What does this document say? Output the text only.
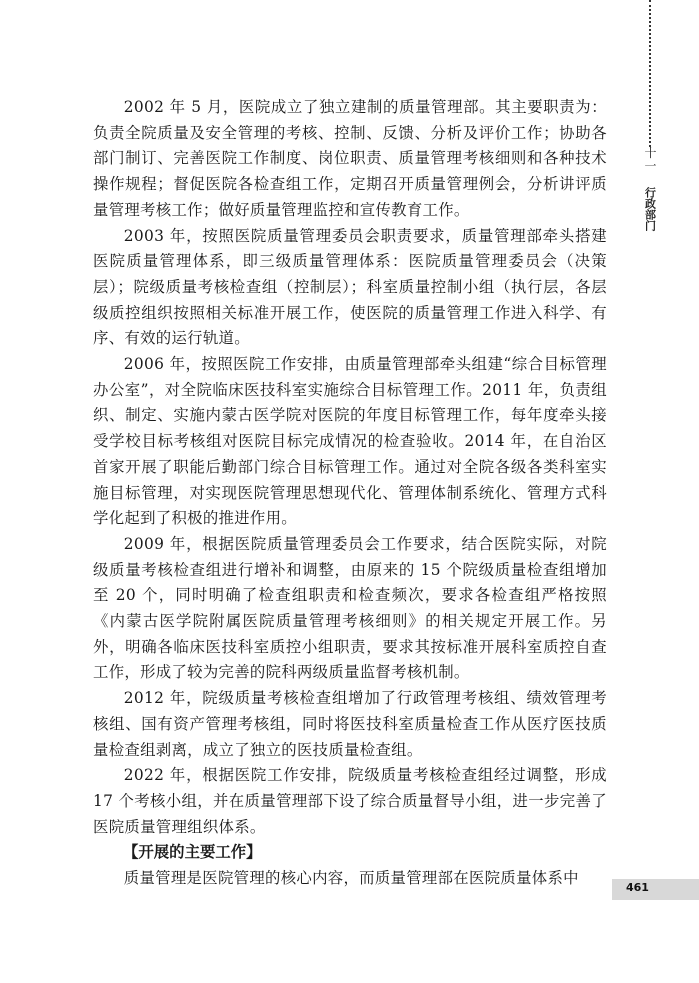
十一
行政部门

2002 年 5 月，医院成立了独立建制的质量管理部。其主要职责为：负责全院质量及安全管理的考核、控制、反馈、分析及评价工作；协助各部门制订、完善医院工作制度、岗位职责、质量管理考核细则和各种技术操作规程；督促医院各检查组工作，定期召开质量管理例会，分析讲评质量管理考核工作；做好质量管理监控和宣传教育工作。

2003 年，按照医院质量管理委员会职责要求，质量管理部牵头搭建医院质量管理体系，即三级质量管理体系：医院质量管理委员会（决策层）；院级质量考核检查组（控制层）；科室质量控制小组（执行层，各层级质控组织按照相关标准开展工作，使医院的质量管理工作进入科学、有序、有效的运行轨道。

2006 年，按照医院工作安排，由质量管理部牵头组建“综合目标管理办公室”，对全院临床医技科室实施综合目标管理工作。2011 年，负责组织、制定、实施内蒙古医学院对医院的年度目标管理工作，每年度牵头接受学校目标考核组对医院目标完成情况的检查验收。2014 年，在自治区首家开展了职能后勤部门综合目标管理工作。通过对全院各级各类科室实施目标管理，对实现医院管理思想现代化、管理体制系统化、管理方式科学化起到了积极的推进作用。

2009 年，根据医院质量管理委员会工作要求，结合医院实际，对院级质量考核检查组进行增补和调整，由原来的 15 个院级质量检查组增加至 20 个，同时明确了检查组职责和检查频次，要求各检查组严格按照《内蒙古医学院附属医院质量管理考核细则》的相关规定开展工作。另外，明确各临床医技科室质控小组职责，要求其按标准开展科室质控自查工作，形成了较为完善的院科两级质量监督考核机制。

2012 年，院级质量考核检查组增加了行政管理考核组、绩效管理考核组、国有资产管理考核组，同时将医技科室质量检查工作从医疗医技质量检查组剥离，成立了独立的医技质量检查组。

2022 年，根据医院工作安排，院级质量考核检查组经过调整，形成 17 个考核小组，并在质量管理部下设了综合质量督导小组，进一步完善了医院质量管理组织体系。

【开展的主要工作】

质量管理是医院管理的核心内容，而质量管理部在医院质量体系中

461
